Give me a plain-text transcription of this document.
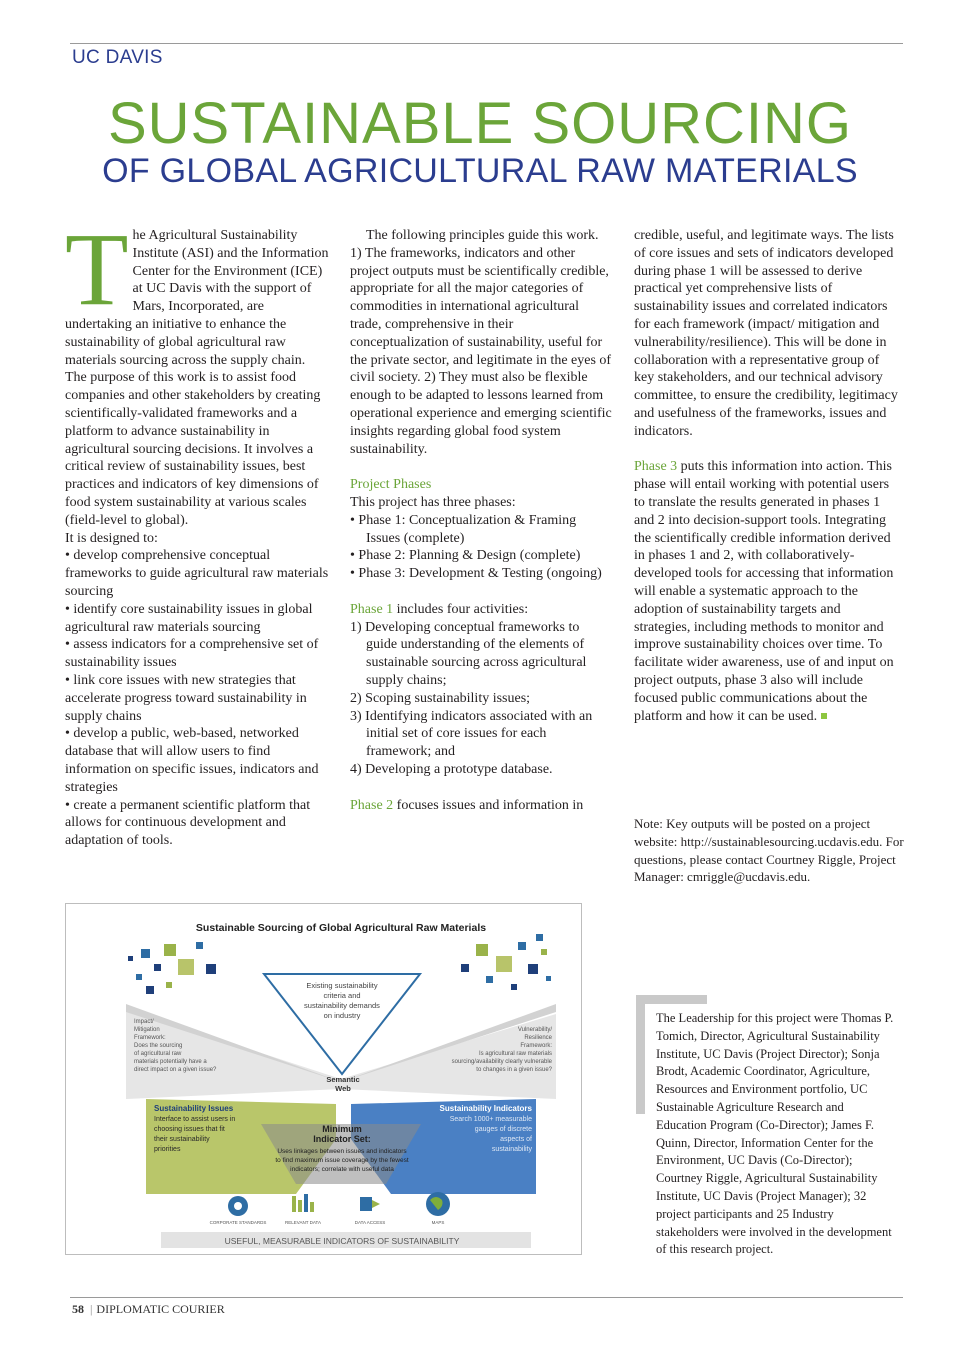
UC DAVIS
SUSTAINABLE SOURCING
OF GLOBAL AGRICULTURAL RAW MATERIALS
T he Agricultural Sustainability Institute (ASI) and the Information Center for the Environment (ICE) at UC Davis with the support of Mars, Incorporated, are undertaking an initiative to enhance the sustainability of global agricultural raw materials sourcing across the supply chain. The purpose of this work is to assist food companies and other stakeholders by creating scientifically-validated frameworks and a platform to advance sustainability in agricultural sourcing decisions. It involves a critical review of sustainability issues, best practices and indicators of key dimensions of food system sustainability at various scales (field-level to global).

It is designed to:

• develop comprehensive conceptual frameworks to guide agricultural raw materials sourcing

• identify core sustainability issues in global agricultural raw materials sourcing

• assess indicators for a comprehensive set of sustainability issues

• link core issues with new strategies that accelerate progress toward sustainability in supply chains

• develop a public, web-based, networked database that will allow users to find information on specific issues, indicators and strategies

• create a permanent scientific platform that allows for continuous development and adaptation of tools.

The following principles guide this work. 1) The frameworks, indicators and other project outputs must be scientifically credible, appropriate for all the major categories of commodities in international agricultural trade, comprehensive in their conceptualization of sustainability, useful for the private sector, and legitimate in the eyes of civil society. 2) They must also be flexible enough to be adapted to lessons learned from operational experience and emerging scientific insights regarding global food system sustainability.

Project Phases

This project has three phases:

• Phase 1: Conceptualization & Framing Issues (complete)

• Phase 2: Planning & Design (complete)

• Phase 3: Development & Testing (ongoing)

Phase 1 includes four activities:

1) Developing conceptual frameworks to guide understanding of the elements of sustainable sourcing across agricultural supply chains;

2) Scoping sustainability issues;

3) Identifying indicators associated with an initial set of core issues for each framework; and

4) Developing a prototype database.

Phase 2 focuses issues and information in

credible, useful, and legitimate ways. The lists of core issues and sets of indicators developed during phase 1 will be assessed to derive practical yet comprehensive lists of sustainability issues and correlated indicators for each framework (impact/ mitigation and vulnerability/resilience). This will be done in collaboration with a representative group of key stakeholders, and our technical advisory committee, to ensure the credibility, legitimacy and usefulness of the frameworks, issues and indicators.

Phase 3 puts this information into action. This phase will entail working with potential users to translate the results generated in phases 1 and 2 into decision-support tools. Integrating the scientifically credible information derived in phases 1 and 2, with collaboratively-developed tools for accessing that information will enable a systematic approach to the adoption of sustainability targets and strategies, including methods to monitor and improve sustainability choices over time. To facilitate wider awareness, use of and input on project outputs, phase 3 also will include focused public communications about the platform and how it can be used.

Note: Key outputs will be posted on a project website: http://sustainablesourcing.ucdavis.edu. For questions, please contact Courtney Riggle, Project Manager: cmriggle@ucdavis.edu.
Sustainable Sourcing of Global Agricultural Raw Materials
Existing sustainability
criteria and
sustainability demands
on industry
Impact/
Mitigation
Framework:
Does the sourcing
of agricultural raw
materials potentially have a
direct impact on a given issue?
Vulnerability/
Resilience
Framework:
Is agricultural raw materials
sourcing/availability clearly vulnerable
to changes in a given issue?
Semantic
Web
Sustainability Issues
Interface to assist users in
choosing issues that fit
their sustainability
priorities
Sustainability Indicators
Search 1000+ measurable
gauges of discrete
aspects of
sustainability
Minimum
Indicator Set:
Uses linkages between issues and indicators
to find maximum issue coverage by the fewest
indicators; correlate with useful data
CORPORATE STANDARDS	RELEVANT DATA	DATA ACCESS	MAPS
USEFUL, MEASURABLE INDICATORS OF SUSTAINABILITY
The Leadership for this project were Thomas P. Tomich, Director, Agricultural Sustainability Institute, UC Davis (Project Director); Sonja Brodt, Academic Coordinator, Agriculture, Resources and Environment portfolio, UC Sustainable Agriculture Research and Education Program (Co-Director); James F. Quinn, Director, Information Center for the Environment, UC Davis (Co-Director); Courtney Riggle, Agricultural Sustainability Institute, UC Davis (Project Manager); 32 project participants and 25 Industry stakeholders were involved in the development of this research project.
58 | DIPLOMATIC COURIER
